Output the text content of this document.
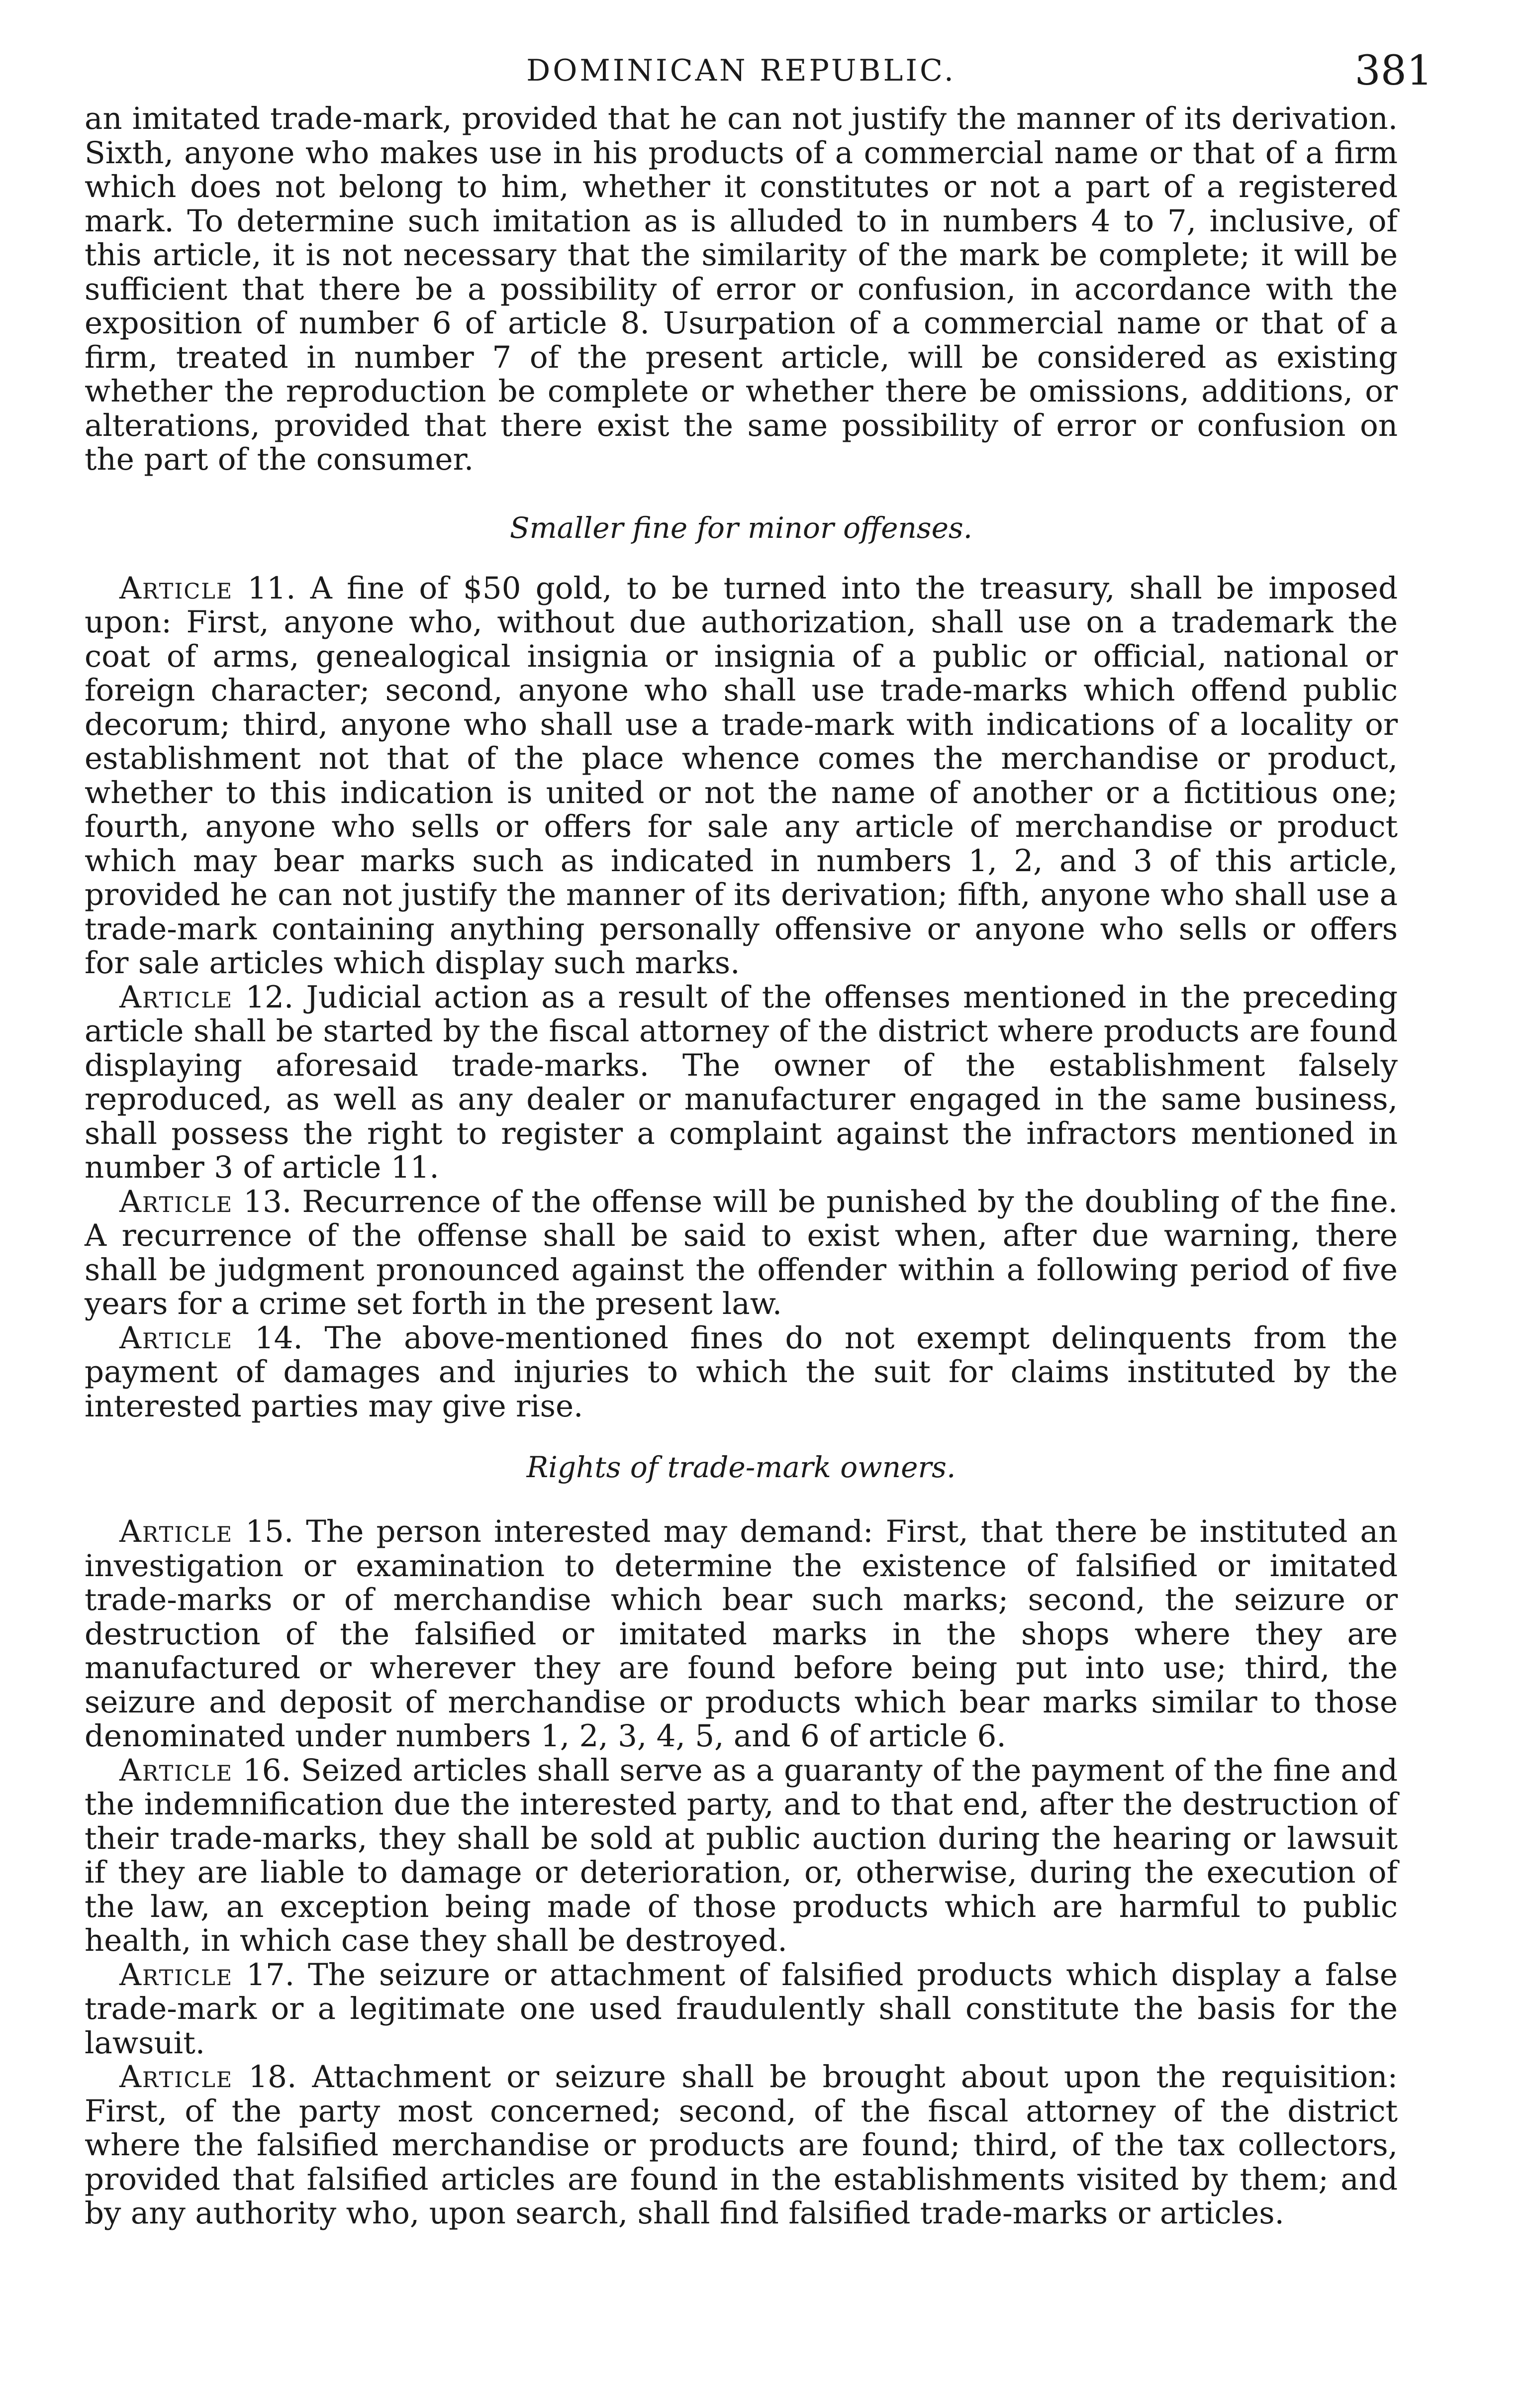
DOMINICAN REPUBLIC.	381

an imitated trade-mark, provided that he can not justify the manner of its derivation. Sixth, anyone who makes use in his products of a commercial name or that of a firm which does not belong to him, whether it constitutes or not a part of a registered mark. To determine such imitation as is alluded to in numbers 4 to 7, inclusive, of this article, it is not necessary that the similarity of the mark be complete; it will be sufficient that there be a possibility of error or confusion, in accordance with the exposition of number 6 of article 8. Usurpation of a commercial name or that of a firm, treated in number 7 of the present article, will be considered as existing whether the reproduction be complete or whether there be omissions, additions, or alterations, provided that there exist the same possibility of error or confusion on the part of the consumer.

Smaller fine for minor offenses.

Article 11. A fine of $50 gold, to be turned into the treasury, shall be imposed upon: First, anyone who, without due authorization, shall use on a trademark the coat of arms, genealogical insignia or insignia of a public or official, national or foreign character; second, anyone who shall use trade-marks which offend public decorum; third, anyone who shall use a trade-mark with indications of a locality or establishment not that of the place whence comes the merchandise or product, whether to this indication is united or not the name of another or a fictitious one; fourth, anyone who sells or offers for sale any article of merchandise or product which may bear marks such as indicated in numbers 1, 2, and 3 of this article, provided he can not justify the manner of its derivation; fifth, anyone who shall use a trade-mark containing anything personally offensive or anyone who sells or offers for sale articles which display such marks.

Article 12. Judicial action as a result of the offenses mentioned in the preceding article shall be started by the fiscal attorney of the district where products are found displaying aforesaid trade-marks. The owner of the establishment falsely reproduced, as well as any dealer or manufacturer engaged in the same business, shall possess the right to register a complaint against the infractors mentioned in number 3 of article 11.

Article 13. Recurrence of the offense will be punished by the doubling of the fine. A recurrence of the offense shall be said to exist when, after due warning, there shall be judgment pronounced against the offender within a following period of five years for a crime set forth in the present law.

Article 14. The above-mentioned fines do not exempt delinquents from the payment of damages and injuries to which the suit for claims instituted by the interested parties may give rise.

Rights of trade-mark owners.

Article 15. The person interested may demand: First, that there be instituted an investigation or examination to determine the existence of falsified or imitated trade-marks or of merchandise which bear such marks; second, the seizure or destruction of the falsified or imitated marks in the shops where they are manufactured or wherever they are found before being put into use; third, the seizure and deposit of merchandise or products which bear marks similar to those denominated under numbers 1, 2, 3, 4, 5, and 6 of article 6.

Article 16. Seized articles shall serve as a guaranty of the payment of the fine and the indemnification due the interested party, and to that end, after the destruction of their trade-marks, they shall be sold at public auction during the hearing or lawsuit if they are liable to damage or deterioration, or, otherwise, during the execution of the law, an exception being made of those products which are harmful to public health, in which case they shall be destroyed.

Article 17. The seizure or attachment of falsified products which display a false trade-mark or a legitimate one used fraudulently shall constitute the basis for the lawsuit.

Article 18. Attachment or seizure shall be brought about upon the requisition: First, of the party most concerned; second, of the fiscal attorney of the district where the falsified merchandise or products are found; third, of the tax collectors, provided that falsified articles are found in the establishments visited by them; and by any authority who, upon search, shall find falsified trade-marks or articles.
